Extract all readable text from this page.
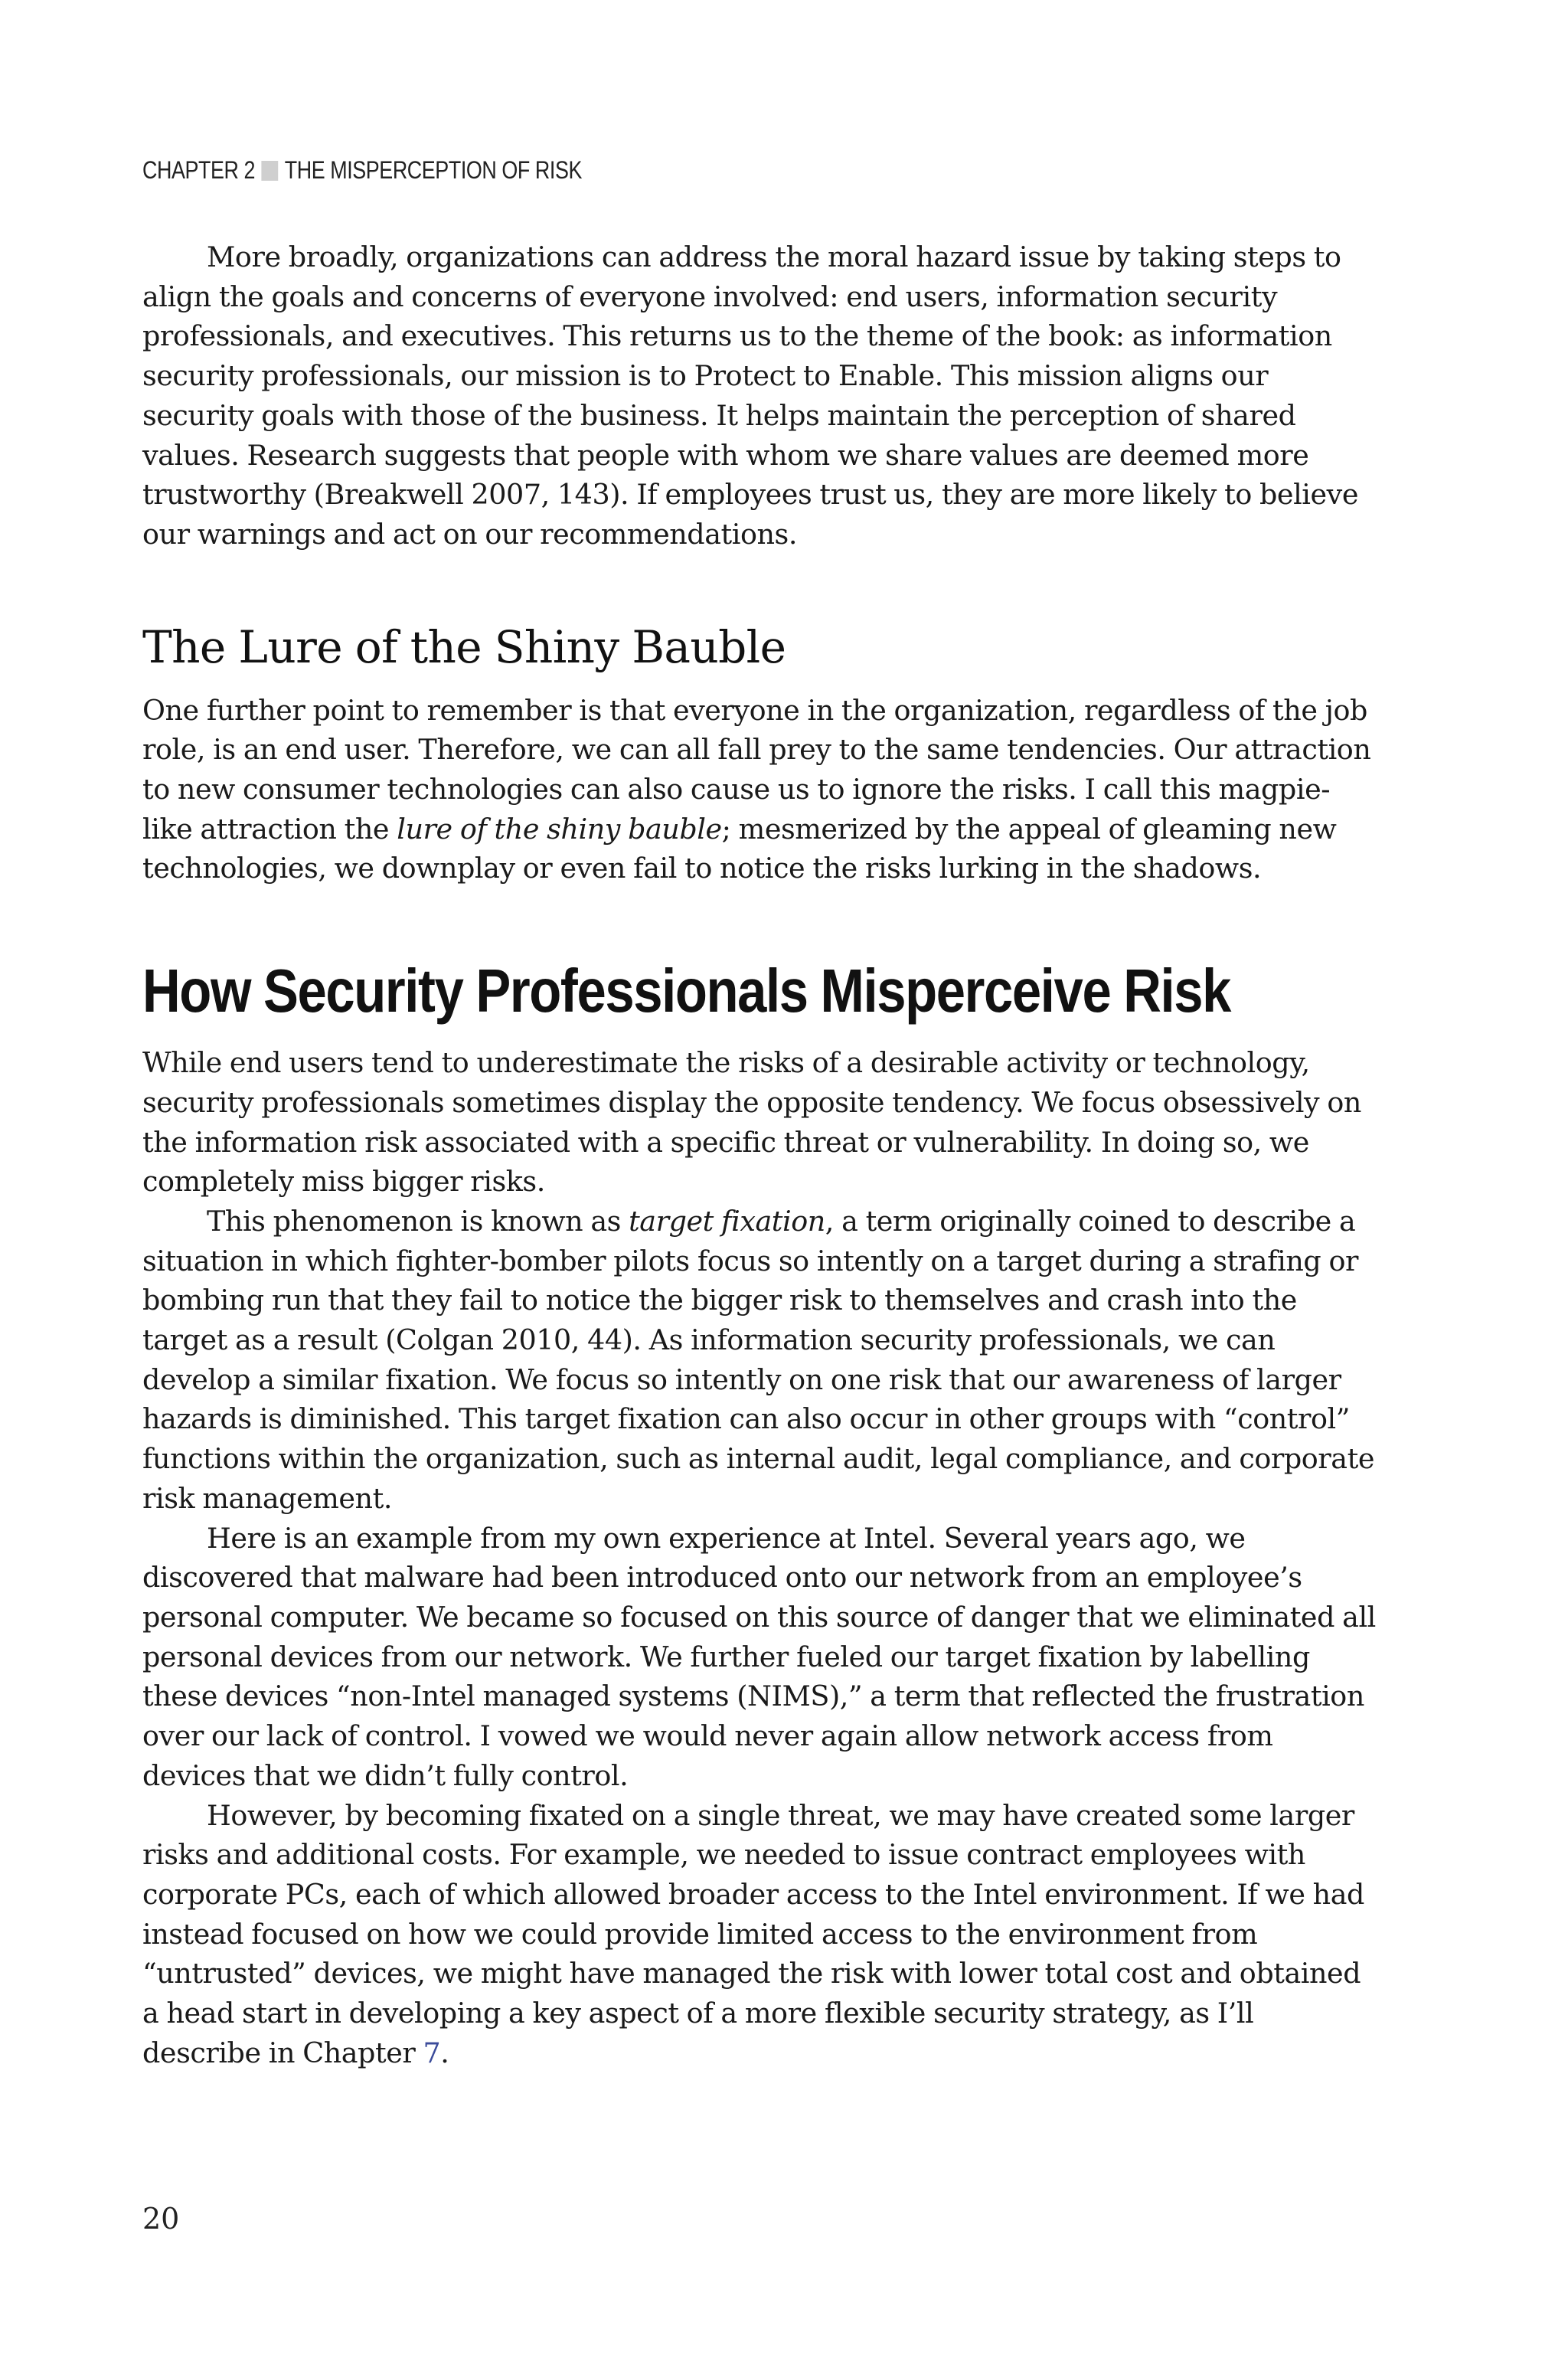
CHAPTER 2 THE MISPERCEPTION OF RISK

More broadly, organizations can address the moral hazard issue by taking steps to align the goals and concerns of everyone involved: end users, information security professionals, and executives. This returns us to the theme of the book: as information security professionals, our mission is to Protect to Enable. This mission aligns our security goals with those of the business. It helps maintain the perception of shared values. Research suggests that people with whom we share values are deemed more trustworthy (Breakwell 2007, 143). If employees trust us, they are more likely to believe our warnings and act on our recommendations.

The Lure of the Shiny Bauble

One further point to remember is that everyone in the organization, regardless of the job role, is an end user. Therefore, we can all fall prey to the same tendencies. Our attraction to new consumer technologies can also cause us to ignore the risks. I call this magpie-like attraction the lure of the shiny bauble; mesmerized by the appeal of gleaming new technologies, we downplay or even fail to notice the risks lurking in the shadows.

How Security Professionals Misperceive Risk

While end users tend to underestimate the risks of a desirable activity or technology, security professionals sometimes display the opposite tendency. We focus obsessively on the information risk associated with a specific threat or vulnerability. In doing so, we completely miss bigger risks.

This phenomenon is known as target fixation, a term originally coined to describe a situation in which fighter-bomber pilots focus so intently on a target during a strafing or bombing run that they fail to notice the bigger risk to themselves and crash into the target as a result (Colgan 2010, 44). As information security professionals, we can develop a similar fixation. We focus so intently on one risk that our awareness of larger hazards is diminished. This target fixation can also occur in other groups with “control” functions within the organization, such as internal audit, legal compliance, and corporate risk management.

Here is an example from my own experience at Intel. Several years ago, we discovered that malware had been introduced onto our network from an employee’s personal computer. We became so focused on this source of danger that we eliminated all personal devices from our network. We further fueled our target fixation by labelling these devices “non-Intel managed systems (NIMS),” a term that reflected the frustration over our lack of control. I vowed we would never again allow network access from devices that we didn’t fully control.

However, by becoming fixated on a single threat, we may have created some larger risks and additional costs. For example, we needed to issue contract employees with corporate PCs, each of which allowed broader access to the Intel environment. If we had instead focused on how we could provide limited access to the environment from “untrusted” devices, we might have managed the risk with lower total cost and obtained a head start in developing a key aspect of a more flexible security strategy, as I’ll describe in Chapter 7.

20
